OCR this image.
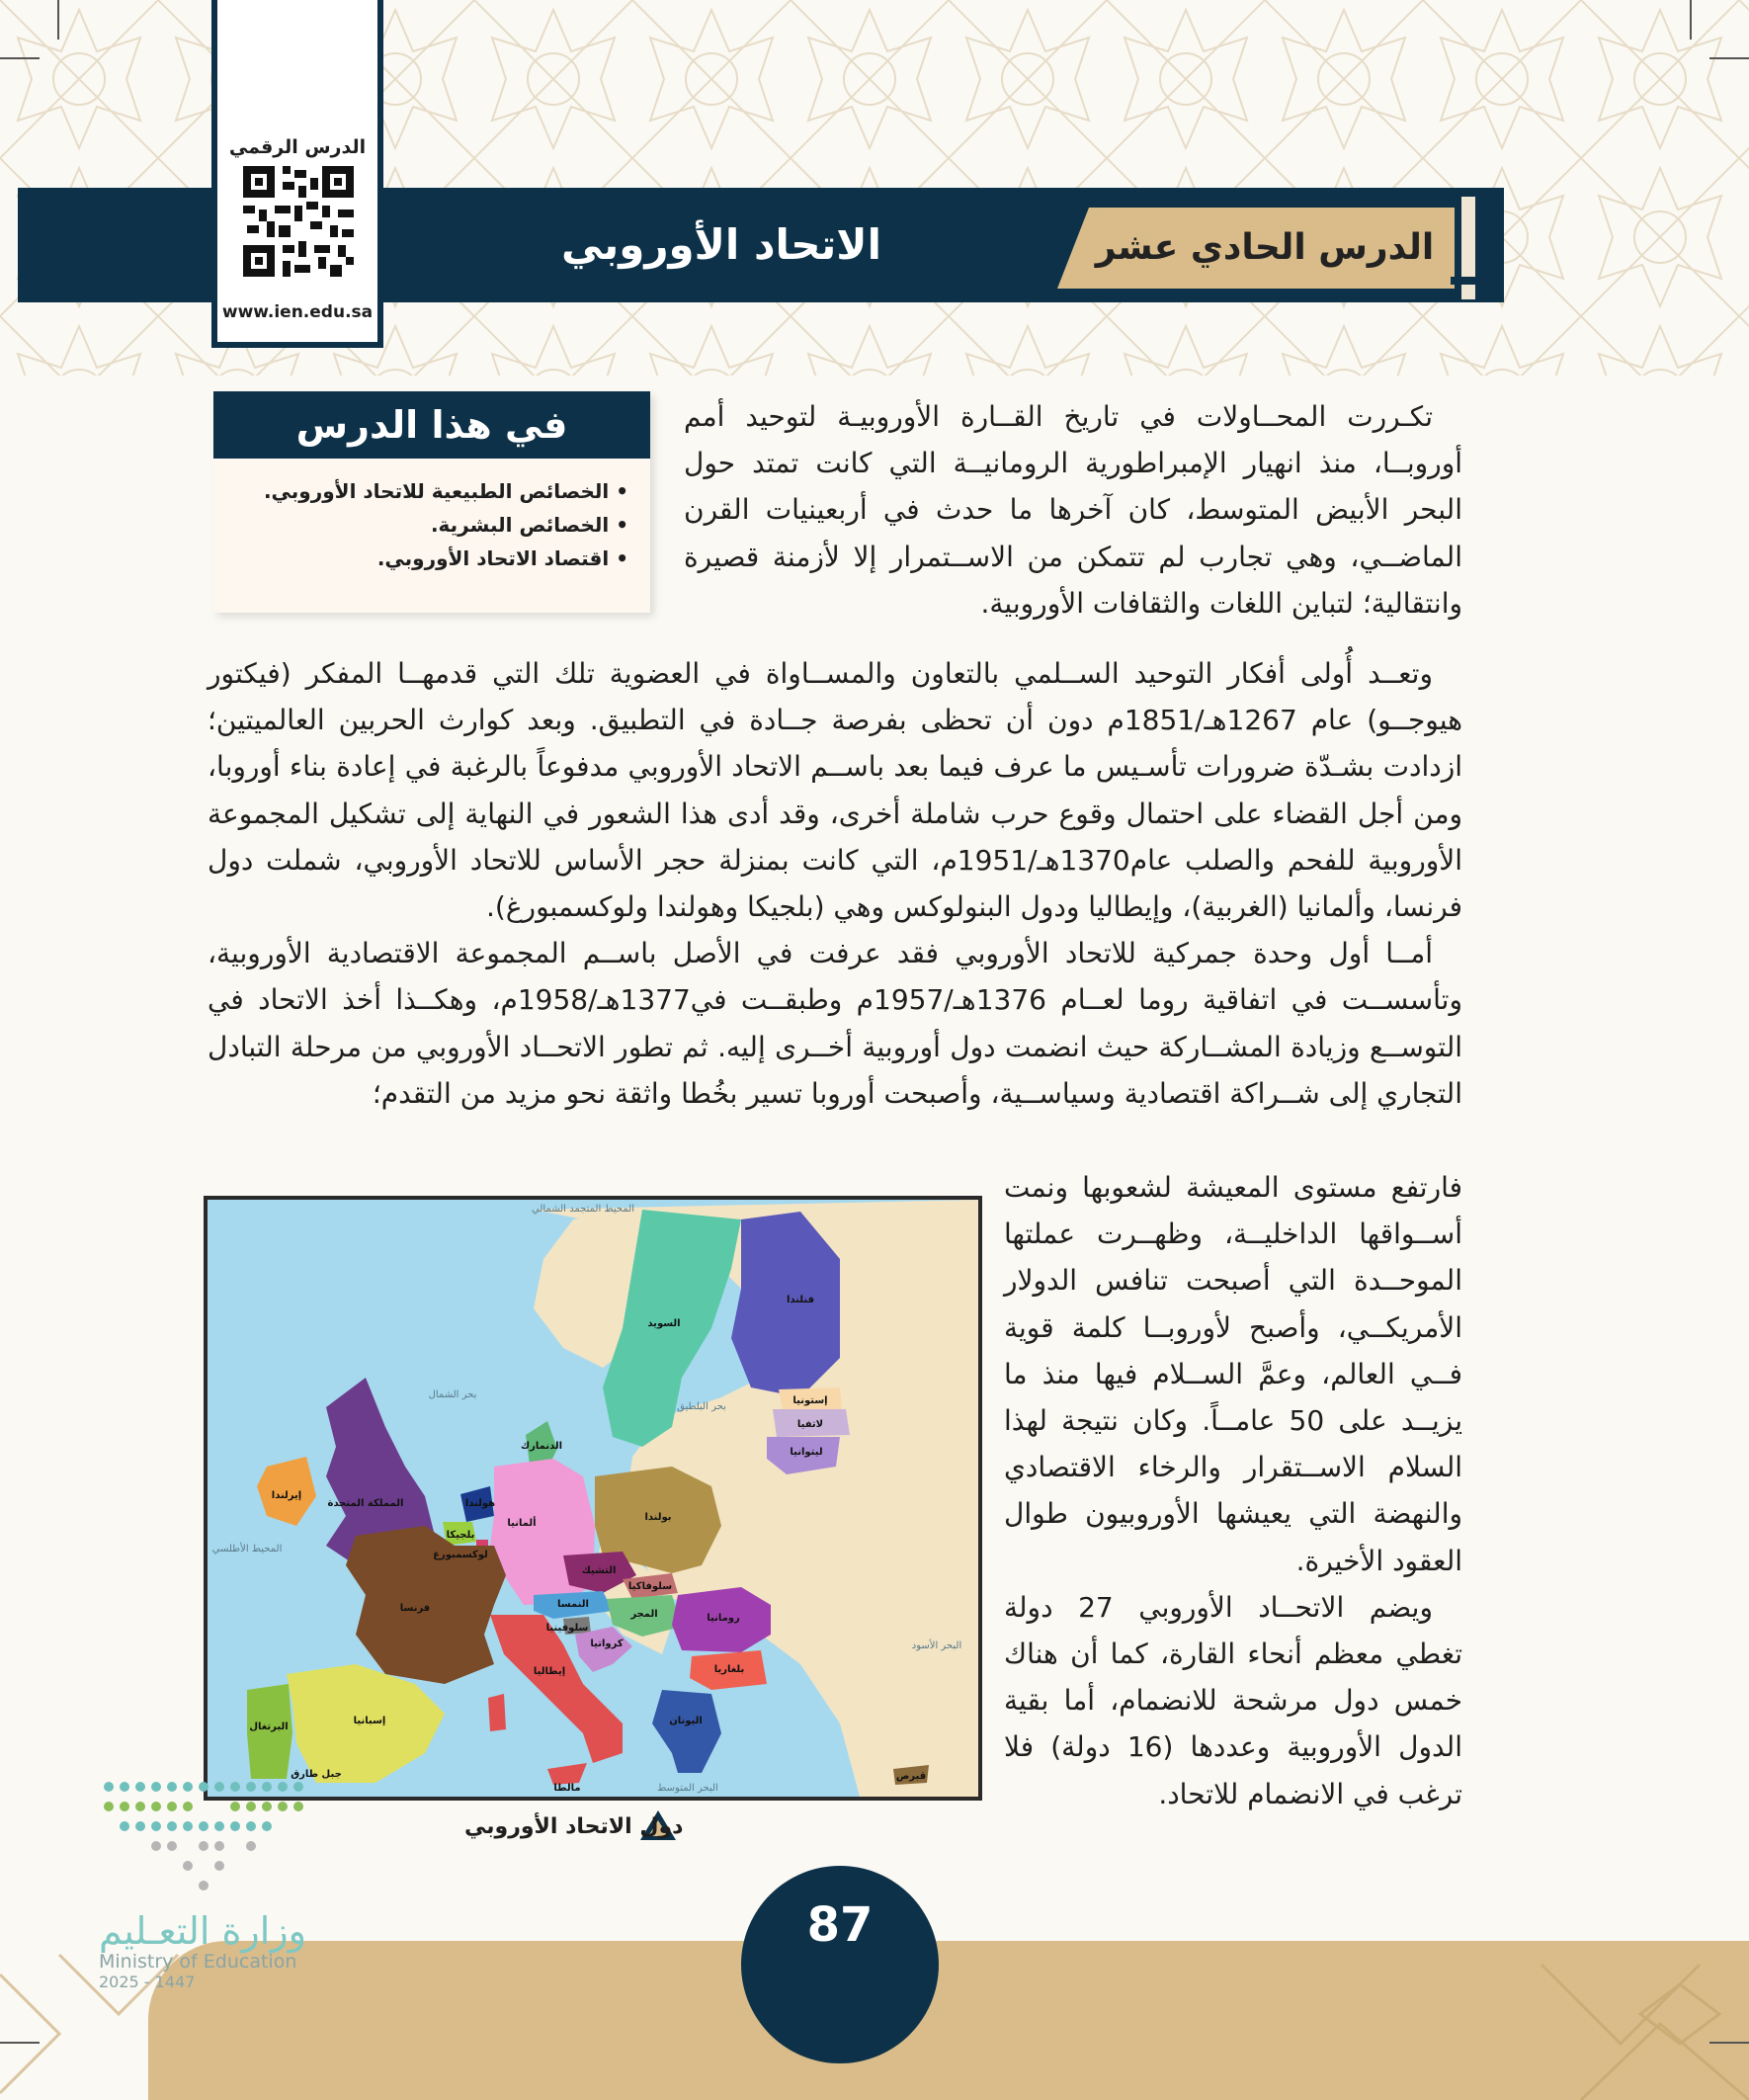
الاتحاد الأوروبي	الدرس الحادي عشر
الدرس الرقمي
www.ien.edu.sa
في هذا الدرس
• الخصائص الطبيعية للاتحاد الأوروبي.
• الخصائص البشرية.
• اقتصاد الاتحاد الأوروبي.

تكـررت المحــاولات في تاريخ القــارة الأوروبيـة لتوحيد أمم أوروبــا، منذ انهيار الإمبراطورية الرومانيــة التي كانت تمتد حول البحر الأبيض المتوسط، كان آخرها ما حدث في أربعينيات القرن الماضــي، وهي تجارب لم تتمكن من الاســتمرار إلا لأزمنة قصيرة وانتقالية؛ لتباين اللغات والثقافات الأوروبية.

وتعــد أُولى أفكار التوحيد الســلمي بالتعاون والمســاواة في العضوية تلك التي قدمهــا المفكر (فيكتور هيوجــو) عام 1267هـ/1851م دون أن تحظى بفرصة جــادة في التطبيق. وبعد كوارث الحربين العالميتين؛ ازدادت بشـدّة ضرورات تأسـيس ما عرف فيما بعد باســم الاتحاد الأوروبي مدفوعاً بالرغبة في إعادة بناء أوروبا، ومن أجل القضاء على احتمال وقوع حرب شاملة أخرى، وقد أدى هذا الشعور في النهاية إلى تشكيل المجموعة الأوروبية للفحم والصلب عام1370هـ/1951م، التي كانت بمنزلة حجر الأساس للاتحاد الأوروبي، شملت دول فرنسا، وألمانيا (الغربية)، وإيطاليا ودول البنولوكس وهي (بلجيكا وهولندا ولوكسمبورغ).

أمــا أول وحدة جمركية للاتحاد الأوروبي فقد عرفت في الأصل باســم المجموعة الاقتصادية الأوروبية، وتأسســت في اتفاقية روما لعــام 1376هـ/1957م وطبقــت في1377هـ/1958م، وهكــذا أخذ الاتحاد في التوســع وزيادة المشــاركة حيث انضمت دول أوروبية أخــرى إليه. ثم تطور الاتحــاد الأوروبي من مرحلة التبادل التجاري إلى شــراكة اقتصادية وسياســية، وأصبحت أوروبا تسير بخُطا واثقة نحو مزيد من التقدم؛

فارتفع مستوى المعيشة لشعوبها ونمت أســواقها الداخليــة، وظهــرت عملتها الموحــدة التي أصبحت تنافس الدولار الأمريكــي، وأصبح لأوروبــا كلمة قوية فــي العالم، وعمَّ الســلام فيها منذ ما يزيــد على 50 عامــاً. وكان نتيجة لهذا السلام الاســتقرار والرخاء الاقتصادي والنهضة التي يعيشها الأوروبيون طوال العقود الأخيرة.

ويضم الاتحــاد الأوروبي 27 دولة تغطي معظم أنحاء القارة، كما أن هناك خمس دول مرشحة للانضمام، أما بقية الدول الأوروبية وعددها (16 دولة) فلا ترغب في الانضمام للاتحاد.

المحيط المتجمد الشمالي
بحر الشمال
بحر البلطيق
المحيط الأطلسي
البحر المتوسط
البحر الأسود
فنلندا
السويد
إستونيا
لاتفيا
ليتوانيا
الدنمارك
المملكة المتحدة
إيرلندا
هولندا
بلجيكا
لوكسمبورغ
ألمانيا
بولندا
التشيك
سلوفاكيا
النمسا
المجر
سلوفينيا
كرواتيا
رومانيا
بلغاريا
اليونان
إيطاليا
فرنسا
إسبانيا
البرتغال
جبل طارق
مالطا
قبرص
دول الاتحاد الأوروبي
87
وزارة التعـليم
Ministry of Education
2025 - 1447
